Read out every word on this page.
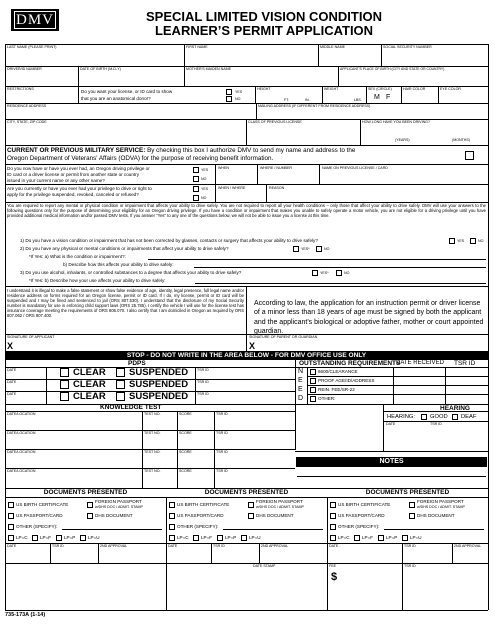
DMV	SPECIAL LIMITED VISION CONDITION
LEARNER’S PERMIT APPLICATION
LAST NAME (PLEASE PRINT)	FIRST NAME	MIDDLE NAME	SOCIAL SECURITY NUMBER
DRIVER/ID NUMBER	DATE OF BIRTH (M-D-Y)	MOTHER'S MAIDEN NAME	APPLICANT'S PLACE OF BIRTH (CITY AND STATE OR COUNTRY)
RESTRICTIONS	Do you want your license, or ID card to show
that you are an anatomical donor?
YES
NO
HEIGHT
FT.	IN.
WEIGHT
LBS.
SEX (CIRCLE)
M F
HAIR COLOR	EYE COLOR
RESIDENCE ADDRESS	MAILING ADDRESS (IF DIFFERENT FROM RESIDENCE ADDRESS)
CITY, STATE, ZIP CODE	CLASS OF PREVIOUS LICENSE	HOW LONG HAVE YOU BEEN DRIVING?
(YEARS)	(MONTHS)
CURRENT OR PREVIOUS MILITARY SERVICE: By checking this box I authorize DMV to send my name and address to the
Oregon Department of Veterans' Affairs (ODVA) for the purpose of receiving benefit information.
Do you now have or have you ever had, an Oregon driving privilege or
ID card or a driver license or permit from another state or country
issued in your current name or any other name?
YES
NO
WHEN	WHERE / NUMBER	NAME ON PREVIOUS LICENSE / CARD
Are you currently or have you ever had your privilege to drive or right to
apply for the privilege suspended, revoked, canceled or refused?
YES
NO
WHEN / WHERE	REASON
You are required to report any mental or physical condition or impairment that affects your ability to drive safely. You are not required to report all your health conditions – only those that affect your ability to drive safely. DMV will use your answers to the following questions only for the purpose of determining your eligibility for an Oregon driving privilege. If you have a condition or impairment that makes you unable to safely operate a motor vehicle, you are not eligible for a driving privilege until you have provided additional medical information and/or passed DMV tests. If you answer "Yes" to any one of the questions below, we will not be able to issue you a license at this time.
1) Do you have a vision condition or impairment that has not been corrected by glasses, contacts or surgery that affects your ability to drive safely?	YES	NO
2) Do you have any physical or mental conditions or impairments that affect your ability to drive safely?	YES*	NO
*If Yes: a) What is the condition or impairment?:
b) Describe how this affects your ability to drive safely:
3) Do you use alcohol, inhalants, or controlled substances to a degree that affects your ability to drive safely?	YES*	NO
*If Yes: b) Describe how your use affects your ability to drive safely:
I understand it is illegal to make a false statement or show false evidence of age, identity, legal presence, full legal name and/or residence address on forms required for an Oregon license, permit or ID card. If I do, my license, permit or ID card will be suspended and I may be fined and sentenced to jail (ORS 807.530). I understand that the disclosure of my Social Security number is mandatory for use in enforcing child support laws (ORS 25.785). I certify the vehicle I will use for the license test has insurance coverage meeting the requirements of ORS 806.070. I also certify that I am domiciled in Oregon as required by ORS 807.062 / ORS 807.400.
According to law, the application for an instruction permit or driver license of a minor less than 18 years of age must be signed by both the applicant and the applicant's biological or adoptive father, mother or court appointed guardian.
SIGNATURE OF APPLICANT	SIGNATURE OF PARENT OR GUARDIAN
X	X
STOP - DO NOT WRITE IN THE AREA BELOW - FOR DMV OFFICE USE ONLY
PDPS
DATE	CLEAR SUSPENDED TSR ID
DATE	CLEAR SUSPENDED TSR ID
DATE	CLEAR SUSPENDED TSR ID
OUTSTANDING REQUIREMENTS
DATE RECEIVED TSR ID
N
E
E
D
6600/CLEARANCE
PROOF AGE/ID/ADDRESS
REIN. FEE/SR-22
OTHER:
KNOWLEDGE TEST
DATE/LOCATION	TEST NO.	SCORE	TSR ID
DATE/LOCATION	TEST NO.	SCORE	TSR ID
DATE/LOCATION	TEST NO.	SCORE	TSR ID
DATE/LOCATION	TEST NO.	SCORE	TSR ID
HEARING
HEARING:	GOOD DEAF
DATE	TSR ID
NOTES
DOCUMENTS PRESENTED	DOCUMENTS PRESENTED	DOCUMENTS PRESENTED
US BIRTH CERTIFICATE
FOREIGN PASSPORT
w/DHS DOC / ADMIT. STAMP
US PASSPORT/CARD	DHS DOCUMENT
OTHER (SPECIFY):
LP=C	LP=F	LP=P	LP=U
US BIRTH CERTIFICATE
FOREIGN PASSPORT
w/DHS DOC / ADMIT. STAMP
US PASSPORT/CARD	DHS DOCUMENT
OTHER (SPECIFY):
LP=C	LP=F	LP=P	LP=U
US BIRTH CERTIFICATE
FOREIGN PASSPORT
w/DHS DOC / ADMIT. STAMP
US PASSPORT/CARD	DHS DOCUMENT
OTHER (SPECIFY):
LP=C	LP=F	LP=P	LP=U
DATE	TSR ID	2ND APPROVAL	DATE	TSR ID	2ND APPROVAL	DATE	TSR ID	2ND APPROVAL
DATE STAMP	FEE
$
TSR ID
735-173A (1-14)
